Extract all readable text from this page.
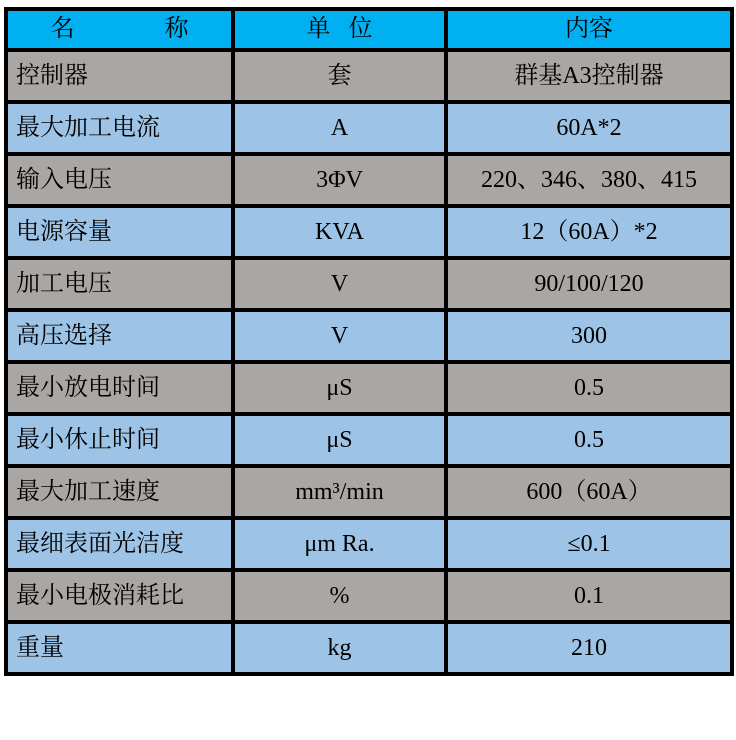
名               称	单   位	内容
控制器	套	群基A3控制器
最大加工电流	A	60A*2
输入电压	3ΦV	220、346、380、415
电源容量	KVA	12（60A）*2
加工电压	V	90/100/120
高压选择	V	300
最小放电时间	μS	0.5
最小休止时间	μS	0.5
最大加工速度	mm³/min	600（60A）
最细表面光洁度	μm Ra.	≤0.1
最小电极消耗比	%	0.1
重量	kg	210
